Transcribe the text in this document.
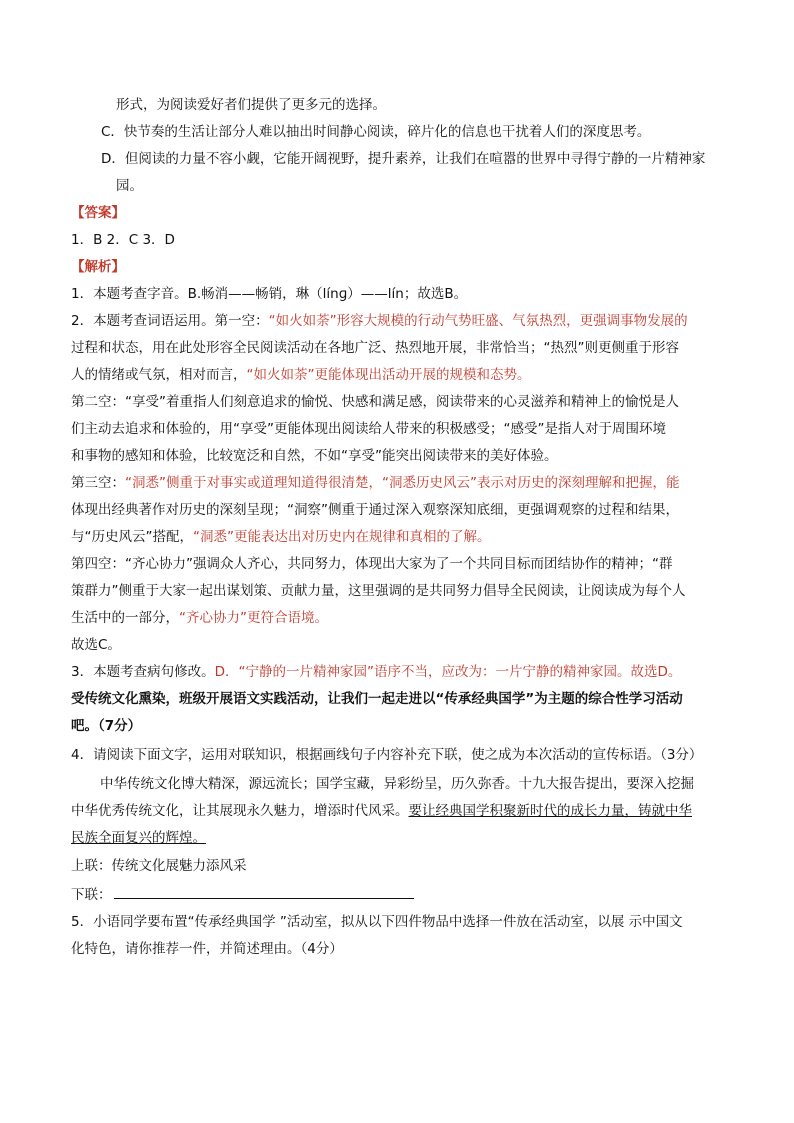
形式，为阅读爱好者们提供了更多元的选择。
C．快节奏的生活让部分人难以抽出时间静心阅读，碎片化的信息也干扰着人们的深度思考。
D．但阅读的力量不容小觑，它能开阔视野，提升素养，让我们在喧嚣的世界中寻得宁静的一片精神家
园。
【答案】
1．B 2．C 3．D
【解析】
1．本题考查字音。B.畅消——畅销，琳（línɡ）——lín；故选B。
2．本题考查词语运用。第一空：“如火如荼”形容大规模的行动气势旺盛、气氛热烈，更强调事物发展的
过程和状态，用在此处形容全民阅读活动在各地广泛、热烈地开展，非常恰当；“热烈”则更侧重于形容
人的情绪或气氛，相对而言，“如火如荼”更能体现出活动开展的规模和态势。
第二空：“享受”着重指人们刻意追求的愉悦、快感和满足感，阅读带来的心灵滋养和精神上的愉悦是人
们主动去追求和体验的，用“享受”更能体现出阅读给人带来的积极感受；“感受”是指人对于周围环境
和事物的感知和体验，比较宽泛和自然，不如“享受”能突出阅读带来的美好体验。
第三空：“洞悉”侧重于对事实或道理知道得很清楚，“洞悉历史风云”表示对历史的深刻理解和把握，能
体现出经典著作对历史的深刻呈现；“洞察”侧重于通过深入观察深知底细，更强调观察的过程和结果，
与“历史风云”搭配，“洞悉”更能表达出对历史内在规律和真相的了解。
第四空：“齐心协力”强调众人齐心，共同努力，体现出大家为了一个共同目标而团结协作的精神；“群
策群力”侧重于大家一起出谋划策、贡献力量，这里强调的是共同努力倡导全民阅读，让阅读成为每个人
生活中的一部分，“齐心协力”更符合语境。
故选C。
3．本题考查病句修改。D．“宁静的一片精神家园”语序不当，应改为：一片宁静的精神家园。故选D。
受传统文化熏染，班级开展语文实践活动，让我们一起走进以“传承经典国学”为主题的综合性学习活动
吧。（7分）
4．请阅读下面文字，运用对联知识，根据画线句子内容补充下联，使之成为本次活动的宣传标语。（3分）
中华传统文化博大精深，源远流长；国学宝藏，异彩纷呈，历久弥香。十九大报告提出，要深入挖掘
中华优秀传统文化，让其展现永久魅力，增添时代风采。要让经典国学积聚新时代的成长力量，铸就中华
民族全面复兴的辉煌。
上联：传统文化展魅力添风采
下联：
5．小语同学要布置“传承经典国学 ”活动室，拟从以下四件物品中选择一件放在活动室，以展 示中国文
化特色，请你推荐一件，并简述理由。（4分）
